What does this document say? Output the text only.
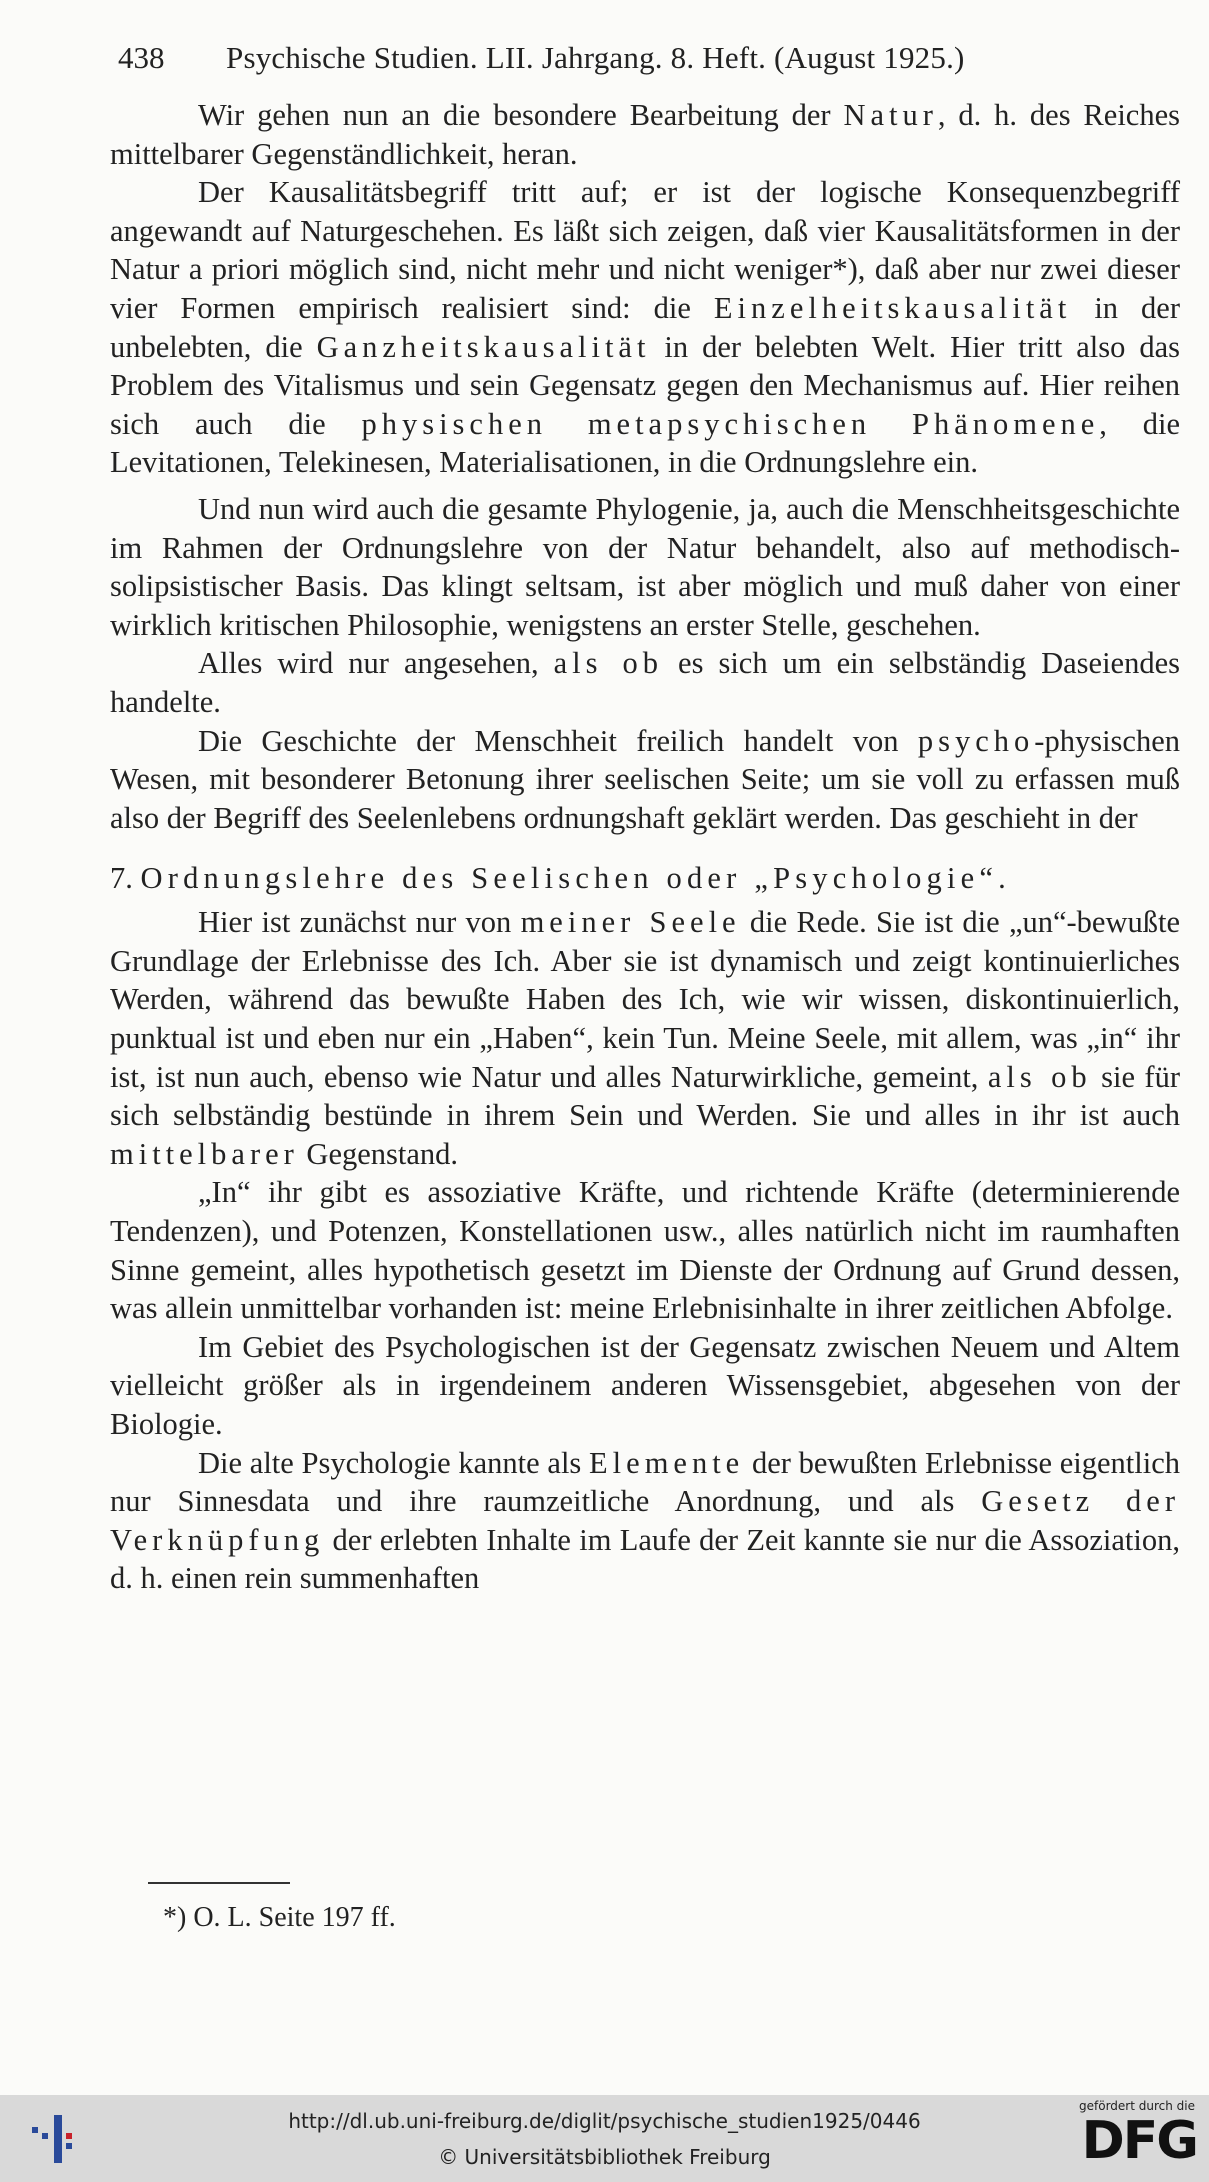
438 Psychische Studien. LII. Jahrgang. 8. Heft. (August 1925.)

Wir gehen nun an die besondere Bearbeitung der Natur, d. h. des Reiches mittelbarer Gegenständlichkeit, heran.

Der Kausalitätsbegriff tritt auf; er ist der logische Konsequenzbegriff angewandt auf Naturgeschehen. Es läßt sich zeigen, daß vier Kausalitätsformen in der Natur a priori möglich sind, nicht mehr und nicht weniger*), daß aber nur zwei dieser vier Formen empirisch realisiert sind: die Einzelheitskausalität in der unbelebten, die Ganzheitskausalität in der belebten Welt. Hier tritt also das Problem des Vitalismus und sein Gegensatz gegen den Mechanismus auf. Hier reihen sich auch die physischen metapsychischen Phänomene, die Levitationen, Telekinesen, Materialisationen, in die Ordnungslehre ein.

Und nun wird auch die gesamte Phylogenie, ja, auch die Menschheitsgeschichte im Rahmen der Ordnungslehre von der Natur behandelt, also auf methodisch-solipsistischer Basis. Das klingt seltsam, ist aber möglich und muß daher von einer wirklich kritischen Philosophie, wenigstens an erster Stelle, geschehen.

Alles wird nur angesehen, als ob es sich um ein selbständig Daseiendes handelte.

Die Geschichte der Menschheit freilich handelt von psycho-physischen Wesen, mit besonderer Betonung ihrer seelischen Seite; um sie voll zu erfassen muß also der Begriff des Seelenlebens ordnungshaft geklärt werden. Das geschieht in der

7. Ordnungslehre des Seelischen oder „Psychologie“.

Hier ist zunächst nur von meiner Seele die Rede. Sie ist die „un“-bewußte Grundlage der Erlebnisse des Ich. Aber sie ist dynamisch und zeigt kontinuierliches Werden, während das bewußte Haben des Ich, wie wir wissen, diskontinuierlich, punktual ist und eben nur ein „Haben“, kein Tun. Meine Seele, mit allem, was „in“ ihr ist, ist nun auch, ebenso wie Natur und alles Naturwirkliche, gemeint, als ob sie für sich selbständig bestünde in ihrem Sein und Werden. Sie und alles in ihr ist auch mittelbarer Gegenstand.

„In“ ihr gibt es assoziative Kräfte, und richtende Kräfte (determinierende Tendenzen), und Potenzen, Konstellationen usw., alles natürlich nicht im raumhaften Sinne gemeint, alles hypothetisch gesetzt im Dienste der Ordnung auf Grund dessen, was allein unmittelbar vorhanden ist: meine Erlebnisinhalte in ihrer zeitlichen Abfolge.

Im Gebiet des Psychologischen ist der Gegensatz zwischen Neuem und Altem vielleicht größer als in irgendeinem anderen Wissensgebiet, abgesehen von der Biologie.

Die alte Psychologie kannte als Elemente der bewußten Erlebnisse eigentlich nur Sinnesdata und ihre raumzeitliche Anordnung, und als Gesetz der Verknüpfung der erlebten Inhalte im Laufe der Zeit kannte sie nur die Assoziation, d. h. einen rein summenhaften

*) O. L. Seite 197 ff.
http://dl.ub.uni-freiburg.de/diglit/psychische_studien1925/0446
© Universitätsbibliothek Freiburg
gefördert durch die
DFG
